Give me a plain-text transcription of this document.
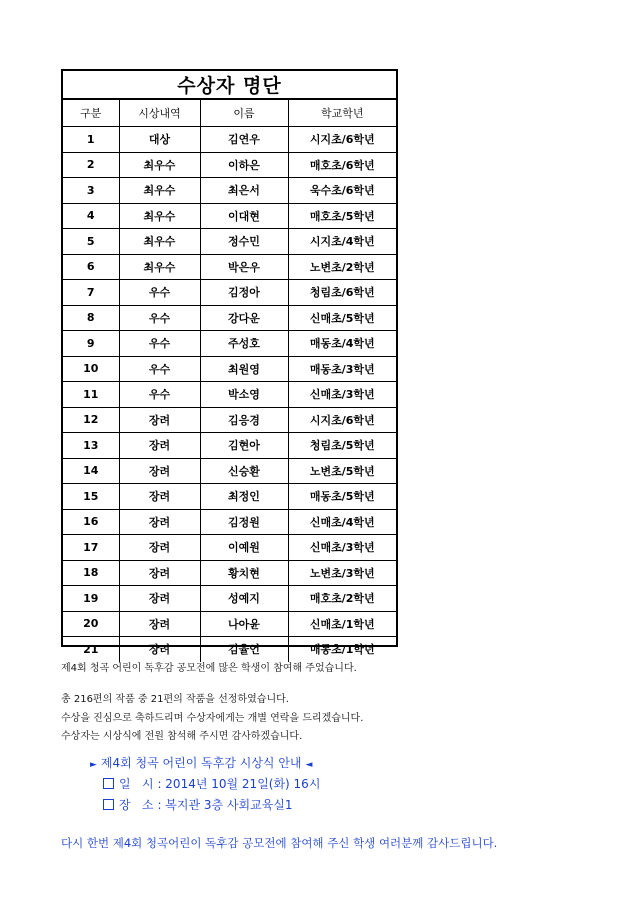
수상자 명단
구분	시상내역	이름	학교학년
1	대상	김연우	시지초/6학년
2	최우수	이하은	매호초/6학년
3	최우수	최은서	욱수초/6학년
4	최우수	이대현	매호초/5학년
5	최우수	정수민	시지초/4학년
6	최우수	박은우	노변초/2학년
7	우수	김정아	청림초/6학년
8	우수	강다운	신매초/5학년
9	우수	주성호	매동초/4학년
10	우수	최원영	매동초/3학년
11	우수	박소영	신매초/3학년
12	장려	김응경	시지초/6학년
13	장려	김현아	청림초/5학년
14	장려	신승환	노변초/5학년
15	장려	최정인	매동초/5학년
16	장려	김정원	신매초/4학년
17	장려	이예원	신매초/3학년
18	장려	황치현	노변초/3학년
19	장려	성예지	매호초/2학년
20	장려	나아윤	신매초/1학년
21	장려	김율언	매동초/1학년
제4회 청곡 어린이 독후감 공모전에 많은 학생이 참여해 주었습니다.
총 216편의 작품 중 21편의 작품을 선정하였습니다.
수상을 진심으로 축하드리며 수상자에게는 개별 연락을 드리겠습니다.
수상자는 시상식에 전원 참석해 주시면 감사하겠습니다.
► 제4회 청곡 어린이 독후감 시상식 안내 ◄
일   시 : 2014년 10월 21일(화) 16시
장   소 : 복지관 3층 사회교육실1
다시 한번 제4회 청곡어린이 독후감 공모전에 참여해 주신 학생 여러분께 감사드립니다.
